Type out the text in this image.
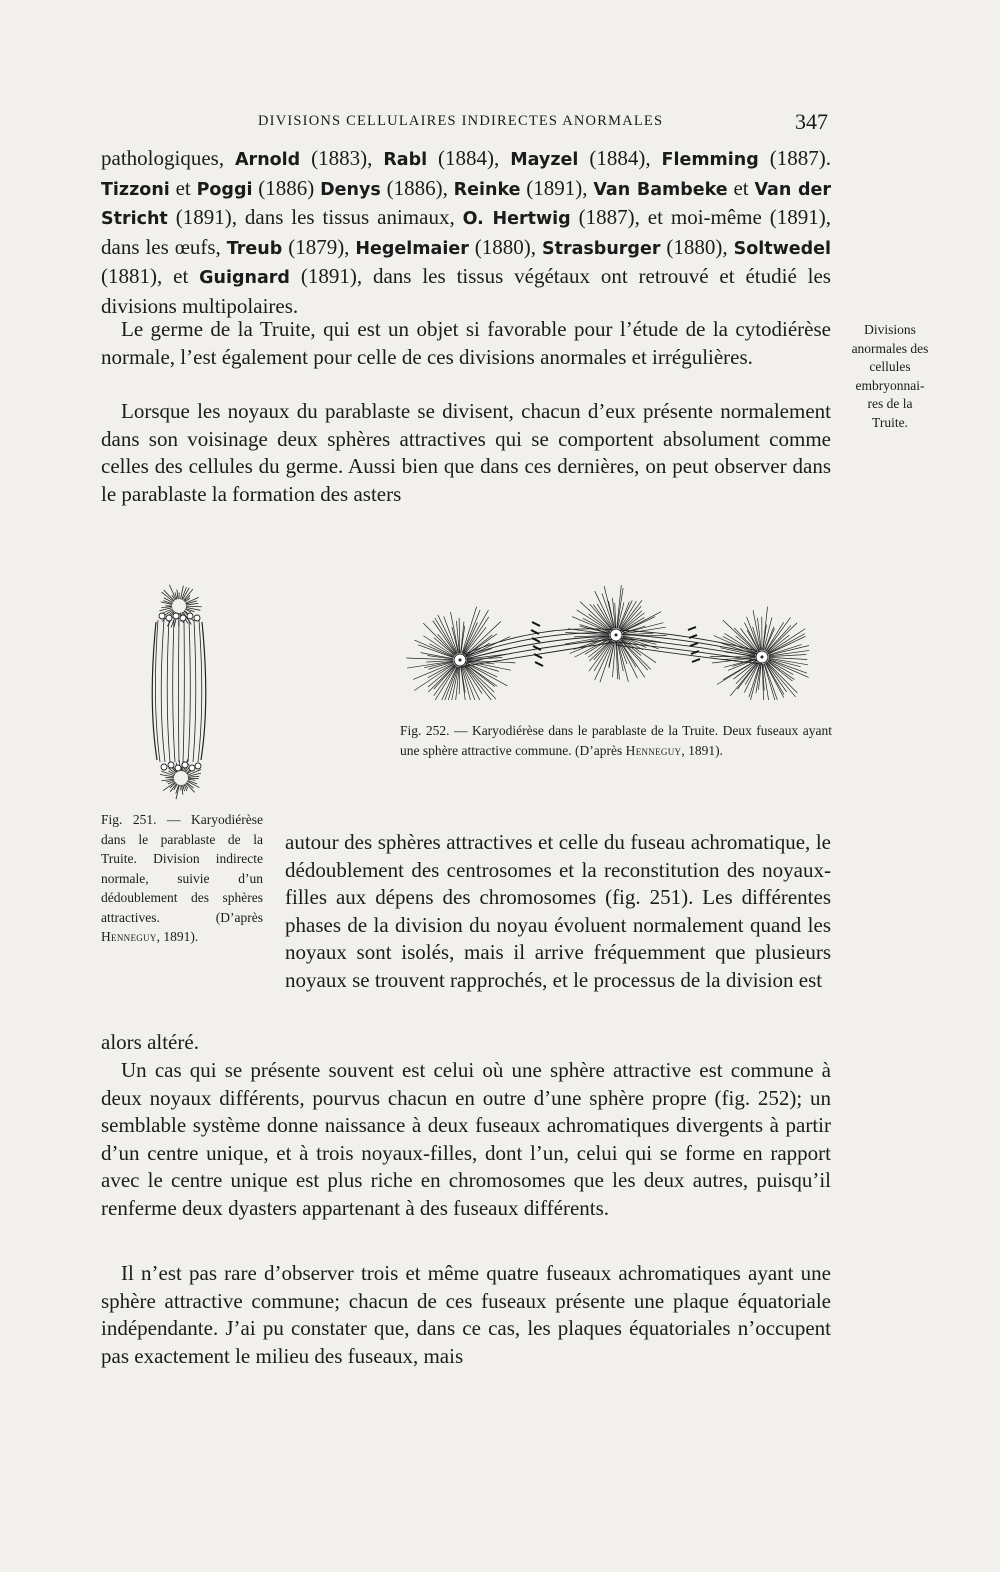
DIVISIONS CELLULAIRES INDIRECTES ANORMALES	347

pathologiques, Arnold (1883), Rabl (1884), Mayzel (1884), Flemming (1887). Tizzoni et Poggi (1886) Denys (1886), Reinke (1891), Van Bambeke et Van der Stricht (1891), dans les tissus animaux, O. Hertwig (1887), et moi-même (1891), dans les œufs, Treub (1879), Hegelmaier (1880), Strasburger (1880), Soltwedel (1881), et Guignard (1891), dans les tissus végétaux ont retrouvé et étudié les divisions multipolaires.

Le germe de la Truite, qui est un objet si favorable pour l’étude de la cytodiérèse normale, l’est également pour celle de ces divisions anormales et irrégulières.

Lorsque les noyaux du parablaste se divisent, chacun d’eux présente normalement dans son voisinage deux sphères attractives qui se comportent absolument comme celles des cellules du germe. Aussi bien que dans ces dernières, on peut observer dans le parablaste la formation des asters

Divisions
anormales des
cellules
embryonnai-
res de la
Truite.

Fig. 252. — Karyodiérèse dans le parablaste de la Truite. Deux fuseaux ayant une sphère attractive commune. (D’après Henneguy, 1891).

Fig. 251. — Karyodiérèse dans le parablaste de la Truite. Division indirecte normale, suivie d’un dédoublement des sphères attractives. (D’après Henneguy, 1891).

autour des sphères attractives et celle du fuseau achromatique, le dédoublement des centrosomes et la reconstitution des noyaux-filles aux dépens des chromosomes (fig. 251). Les différentes phases de la division du noyau évoluent normalement quand les noyaux sont isolés, mais il arrive fréquemment que plusieurs noyaux se trouvent rapprochés, et le processus de la division est

alors altéré.

Un cas qui se présente souvent est celui où une sphère attractive est commune à deux noyaux différents, pourvus chacun en outre d’une sphère propre (fig. 252); un semblable système donne naissance à deux fuseaux achromatiques divergents à partir d’un centre unique, et à trois noyaux-filles, dont l’un, celui qui se forme en rapport avec le centre unique est plus riche en chromosomes que les deux autres, puisqu’il renferme deux dyasters appartenant à des fuseaux différents.

Il n’est pas rare d’observer trois et même quatre fuseaux achromatiques ayant une sphère attractive commune; chacun de ces fuseaux présente une plaque équatoriale indépendante. J’ai pu constater que, dans ce cas, les plaques équatoriales n’occupent pas exactement le milieu des fuseaux, mais
